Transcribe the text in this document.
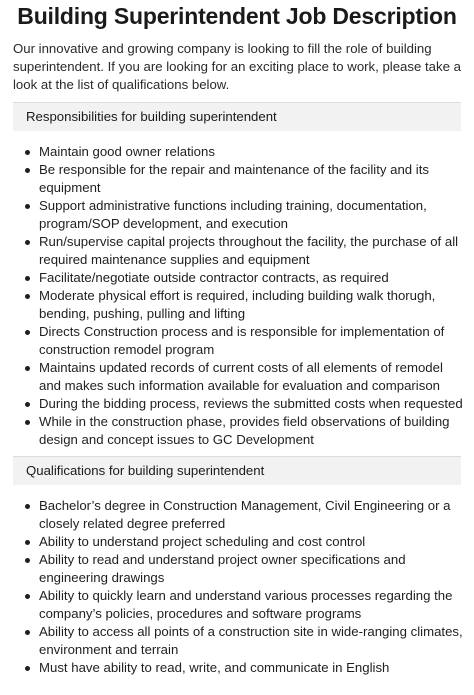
Building Superintendent Job Description

Our innovative and growing company is looking to fill the role of building superintendent. If you are looking for an exciting place to work, please take a look at the list of qualifications below.

Responsibilities for building superintendent
Maintain good owner relations
Be responsible for the repair and maintenance of the facility and its equipment
Support administrative functions including training, documentation, program/SOP development, and execution
Run/supervise capital projects throughout the facility, the purchase of all required maintenance supplies and equipment
Facilitate/negotiate outside contractor contracts, as required
Moderate physical effort is required, including building walk thorugh, bending, pushing, pulling and lifting
Directs Construction process and is responsible for implementation of construction remodel program
Maintains updated records of current costs of all elements of remodel and makes such information available for evaluation and comparison
During the bidding process, reviews the submitted costs when requested
While in the construction phase, provides field observations of building design and concept issues to GC Development
Qualifications for building superintendent
Bachelor’s degree in Construction Management, Civil Engineering or a closely related degree preferred
Ability to understand project scheduling and cost control
Ability to read and understand project owner specifications and engineering drawings
Ability to quickly learn and understand various processes regarding the company’s policies, procedures and software programs
Ability to access all points of a construction site in wide-ranging climates, environment and terrain
Must have ability to read, write, and communicate in English
